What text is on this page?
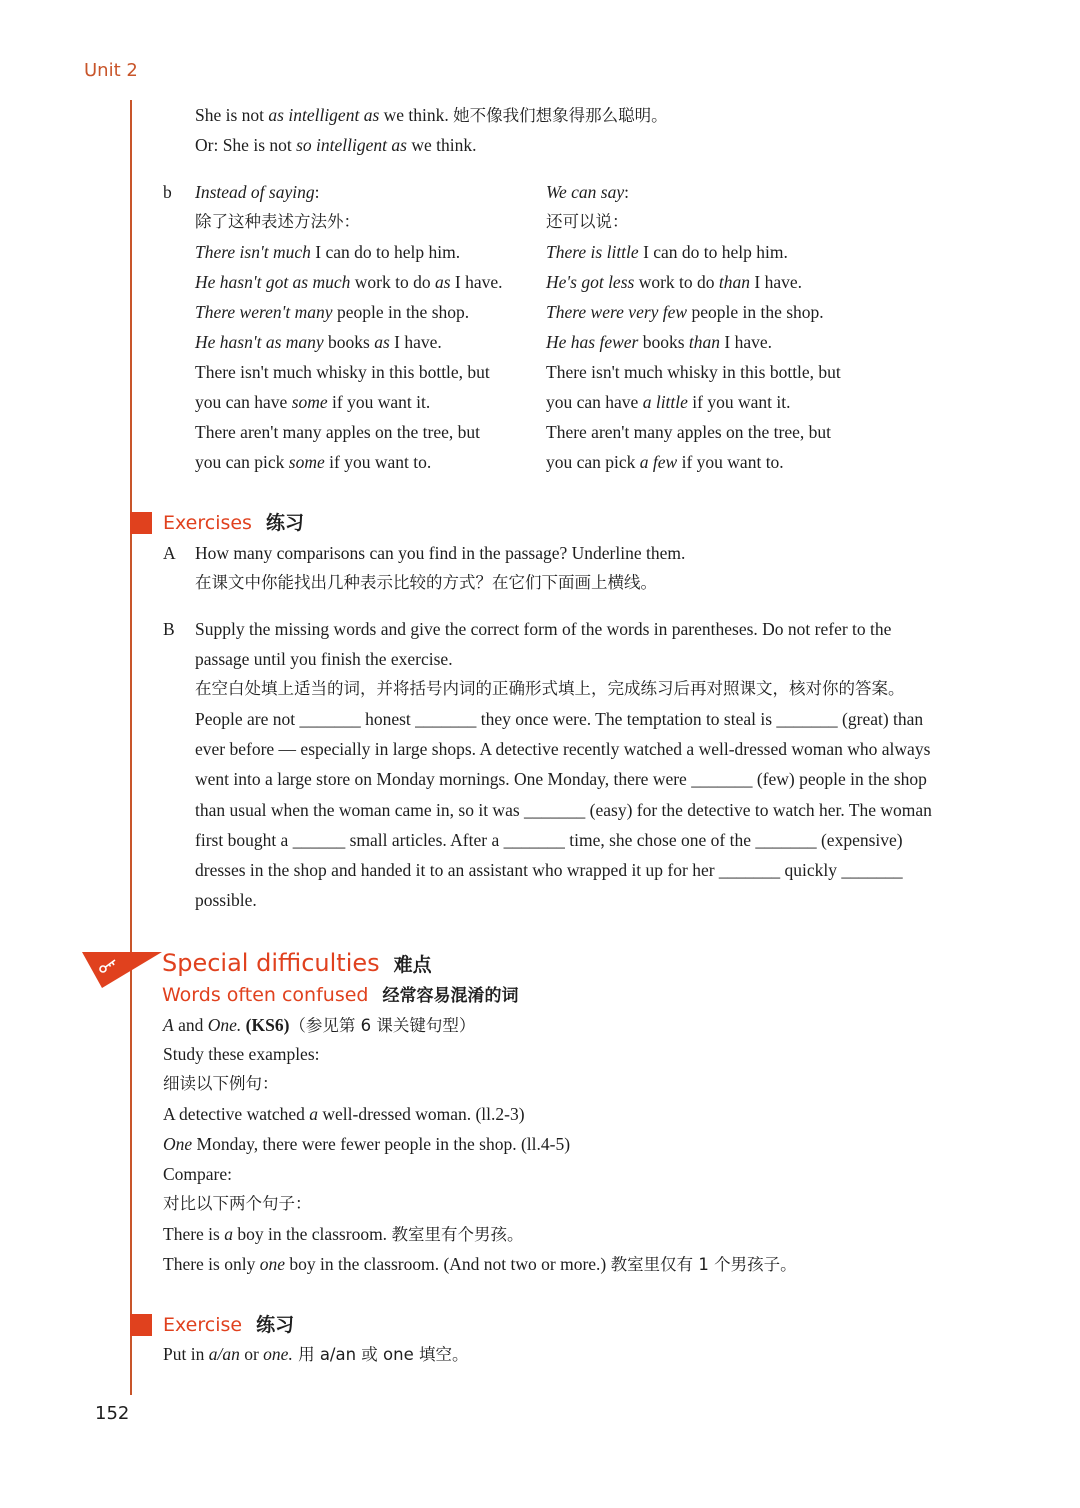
Unit 2
She is not as intelligent as we think. 她不像我们想象得那么聪明。
Or: She is not so intelligent as we think.
b Instead of saying:
除了这种表述方法外：
We can say:
还可以说：
There isn't much I can do to help him.
He hasn't got as much work to do as I have.
There weren't many people in the shop.
He hasn't as many books as I have.
There isn't much whisky in this bottle, but
you can have some if you want it.
There aren't many apples on the tree, but
you can pick some if you want to.
There is little I can do to help him.
He's got less work to do than I have.
There were very few people in the shop.
He has fewer books than I have.
There isn't much whisky in this bottle, but
you can have a little if you want it.
There aren't many apples on the tree, but
you can pick a few if you want to.
Exercises 练习
A How many comparisons can you find in the passage? Underline them.
在课文中你能找出几种表示比较的方式？在它们下面画上横线。
B Supply the missing words and give the correct form of the words in parentheses. Do not refer to the
passage until you finish the exercise.
在空白处填上适当的词，并将括号内词的正确形式填上，完成练习后再对照课文，核对你的答案。
People are not _______ honest _______ they once were. The temptation to steal is _______ (great) than
ever before — especially in large shops. A detective recently watched a well-dressed woman who always
went into a large store on Monday mornings. One Monday, there were _______ (few) people in the shop
than usual when the woman came in, so it was _______ (easy) for the detective to watch her. The woman
first bought a ______ small articles. After a _______ time, she chose one of the _______ (expensive)
dresses in the shop and handed it to an assistant who wrapped it up for her _______ quickly _______
possible.
Special difficulties 难点
Words often confused 经常容易混淆的词
A and One. (KS6)（参见第 6 课关键句型）
Study these examples:
细读以下例句：
A detective watched a well-dressed woman. (ll.2-3)
One Monday, there were fewer people in the shop. (ll.4-5)
Compare:
对比以下两个句子：
There is a boy in the classroom. 教室里有个男孩。
There is only one boy in the classroom. (And not two or more.) 教室里仅有 1 个男孩子。
Exercise 练习
Put in a/an or one. 用 a/an 或 one 填空。
152
